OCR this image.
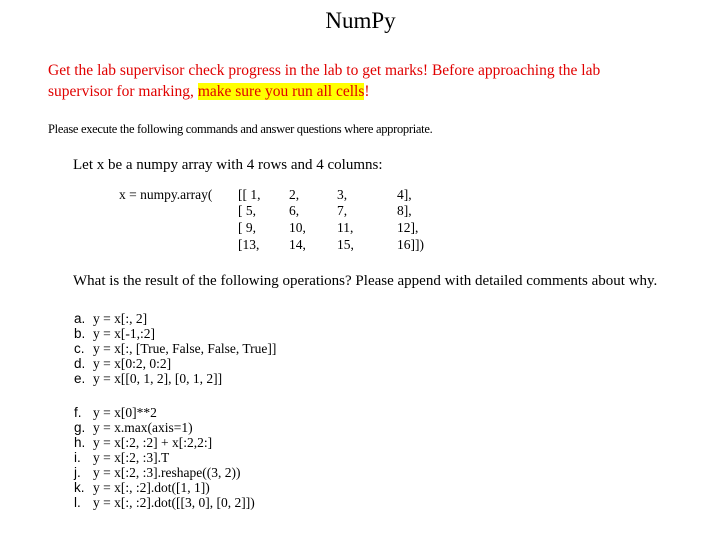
NumPy
Get the lab supervisor check progress in the lab to get marks! Before approaching the lab
supervisor for marking, make sure you run all cells!
Please execute the following commands and answer questions where appropriate.
Let x be a numpy array with 4 rows and 4 columns:
x = numpy.array( [[ 1, 2,	3,	4],
[ 5, 6,	7,	8],
[ 9, 10, 11,	12],
[13, 14, 15,	16]])
What is the result of the following operations? Please append with detailed comments about why.
a. y = x[:, 2]
b. y = x[-1,:2]
c. y = x[:, [True, False, False, True]]
d. y = x[0:2, 0:2]
e. y = x[[0, 1, 2], [0, 1, 2]]
f. y = x[0]**2
g. y = x.max(axis=1)
h. y = x[:2, :2] + x[:2,2:]
i. y = x[:2, :3].T
j. y = x[:2, :3].reshape((3, 2))
k. y = x[:, :2].dot([1, 1])
l. y = x[:, :2].dot([[3, 0], [0, 2]])
